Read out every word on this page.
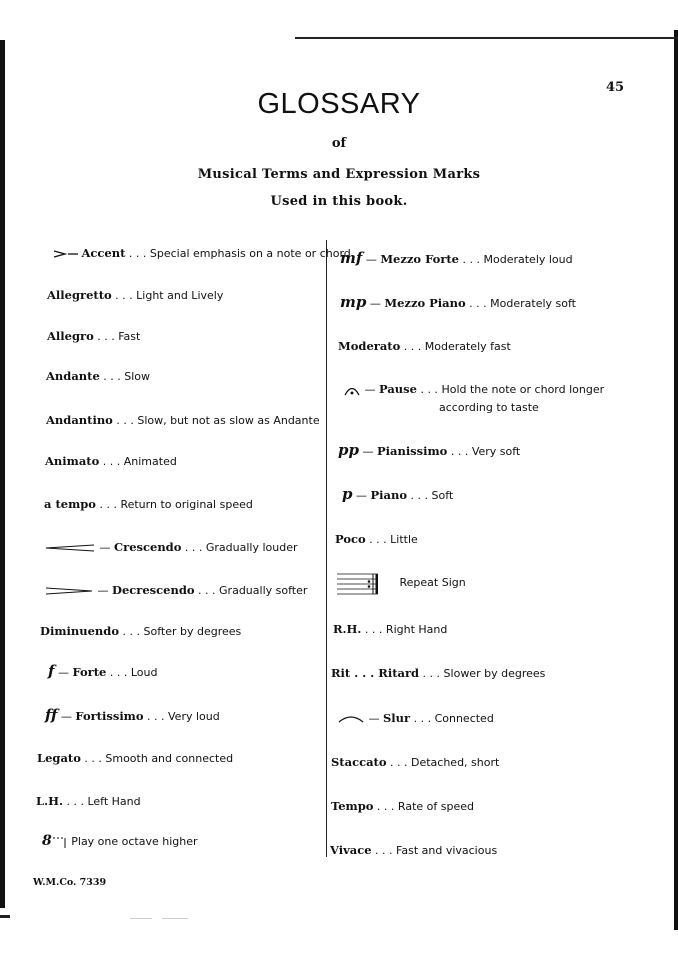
45
GLOSSARY
of
Musical Terms and Expression Marks
Used in this book.
Accent . . . Special emphasis on a note or chord
Allegretto . . . Light and Lively
Allegro . . . Fast
Andante . . . Slow
Andantino . . . Slow, but not as slow as Andante
Animato . . . Animated
a tempo . . . Return to original speed
— Crescendo . . . Gradually louder
— Decrescendo . . . Gradually softer
Diminuendo . . . Softer by degrees
f — Forte . . . Loud
ff — Fortissimo . . . Very loud
Legato . . . Smooth and connected
L.H. . . . Left Hand
8 Play one octave higher
mf — Mezzo Forte . . . Moderately loud
mp — Mezzo Piano . . . Moderately soft
Moderato . . . Moderately fast
— Pause . . . Hold the note or chord longer
according to taste
pp — Pianissimo . . . Very soft
p — Piano . . . Soft
Poco . . . Little
Repeat Sign
R.H. . . . Right Hand
Rit . . . Ritard . . . Slower by degrees
— Slur . . . Connected
Staccato . . . Detached, short
Tempo . . . Rate of speed
Vivace . . . Fast and vivacious
W.M.Co. 7339
